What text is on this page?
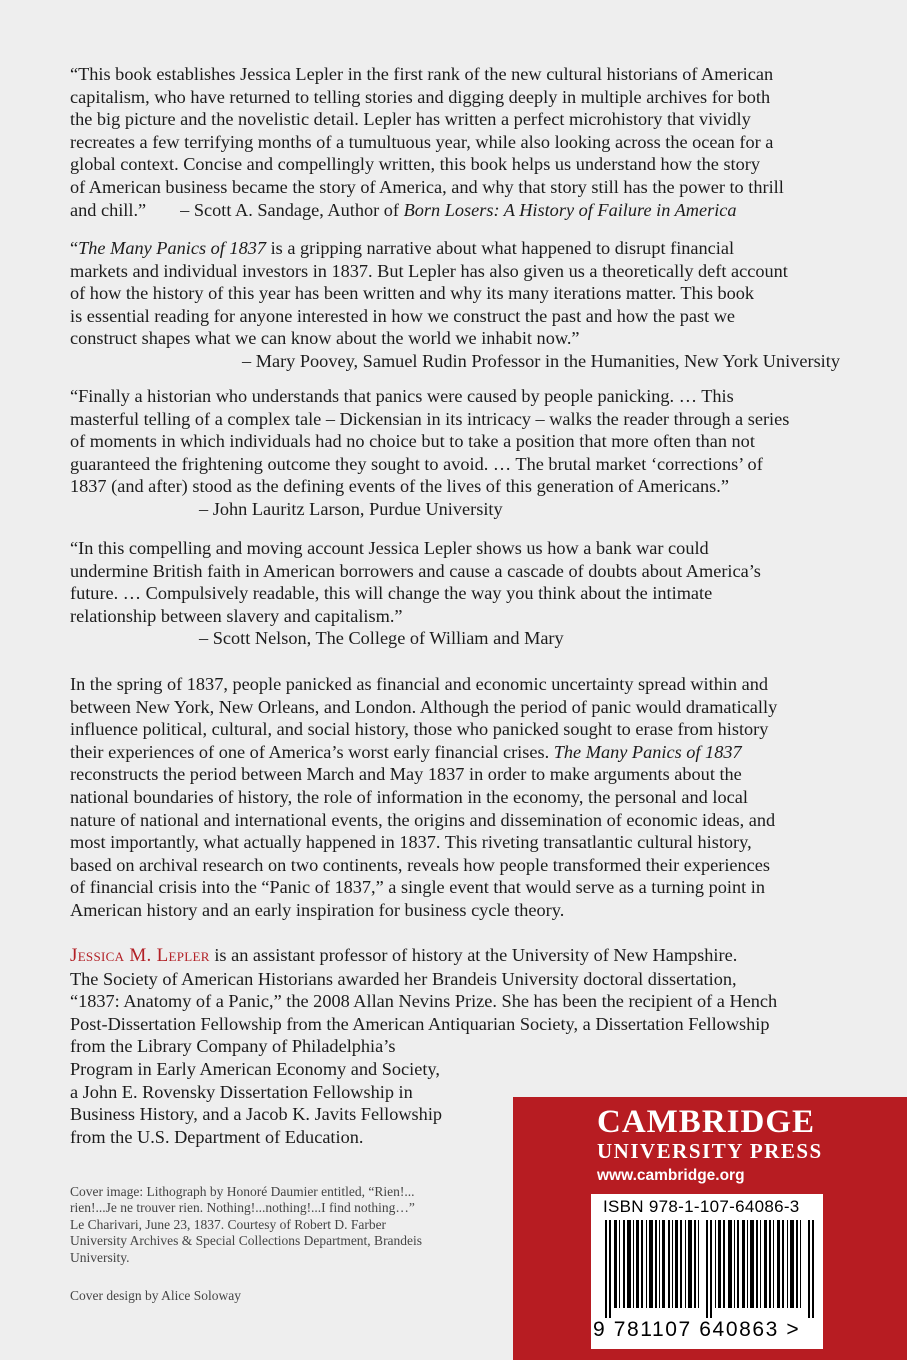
“This book establishes Jessica Lepler in the first rank of the new cultural historians of American

capitalism, who have returned to telling stories and digging deeply in multiple archives for both

the big picture and the novelistic detail. Lepler has written a perfect microhistory that vividly

recreates a few terrifying months of a tumultuous year, while also looking across the ocean for a

global context. Concise and compellingly written, this book helps us understand how the story

of American business became the story of America, and why that story still has the power to thrill

and chill.” – Scott A. Sandage, Author of Born Losers: A History of Failure in America

“The Many Panics of 1837 is a gripping narrative about what happened to disrupt financial

markets and individual investors in 1837. But Lepler has also given us a theoretically deft account

of how the history of this year has been written and why its many iterations matter. This book

is essential reading for anyone interested in how we construct the past and how the past we

construct shapes what we can know about the world we inhabit now.”

– Mary Poovey, Samuel Rudin Professor in the Humanities, New York University

“Finally a historian who understands that panics were caused by people panicking. … This

masterful telling of a complex tale – Dickensian in its intricacy – walks the reader through a series

of moments in which individuals had no choice but to take a position that more often than not

guaranteed the frightening outcome they sought to avoid. … The brutal market ‘corrections’ of

1837 (and after) stood as the defining events of the lives of this generation of Americans.”

– John Lauritz Larson, Purdue University

“In this compelling and moving account Jessica Lepler shows us how a bank war could

undermine British faith in American borrowers and cause a cascade of doubts about America’s

future. … Compulsively readable, this will change the way you think about the intimate

relationship between slavery and capitalism.”

– Scott Nelson, The College of William and Mary

In the spring of 1837, people panicked as financial and economic uncertainty spread within and

between New York, New Orleans, and London. Although the period of panic would dramatically

influence political, cultural, and social history, those who panicked sought to erase from history

their experiences of one of America’s worst early financial crises. The Many Panics of 1837

reconstructs the period between March and May 1837 in order to make arguments about the

national boundaries of history, the role of information in the economy, the personal and local

nature of national and international events, the origins and dissemination of economic ideas, and

most importantly, what actually happened in 1837. This riveting transatlantic cultural history,

based on archival research on two continents, reveals how people transformed their experiences

of financial crisis into the “Panic of 1837,” a single event that would serve as a turning point in

American history and an early inspiration for business cycle theory.

Jessica M. Lepler is an assistant professor of history at the University of New Hampshire.

The Society of American Historians awarded her Brandeis University doctoral dissertation,

“1837: Anatomy of a Panic,” the 2008 Allan Nevins Prize. She has been the recipient of a Hench

Post-Dissertation Fellowship from the American Antiquarian Society, a Dissertation Fellowship

from the Library Company of Philadelphia’s

Program in Early American Economy and Society,

a John E. Rovensky Dissertation Fellowship in

Business History, and a Jacob K. Javits Fellowship

from the U.S. Department of Education.

Cover image: Lithograph by Honoré Daumier entitled, “Rien!...
rien!...Je ne trouver rien. Nothing!...nothing!...I find nothing…”
Le Charivari, June 23, 1837. Courtesy of Robert D. Farber
University Archives & Special Collections Department, Brandeis
University.
Cover design by Alice Soloway
CAMBRIDGE
UNIVERSITY PRESS
www.cambridge.org
ISBN 978-1-107-64086-3
9 781107 640863 >
